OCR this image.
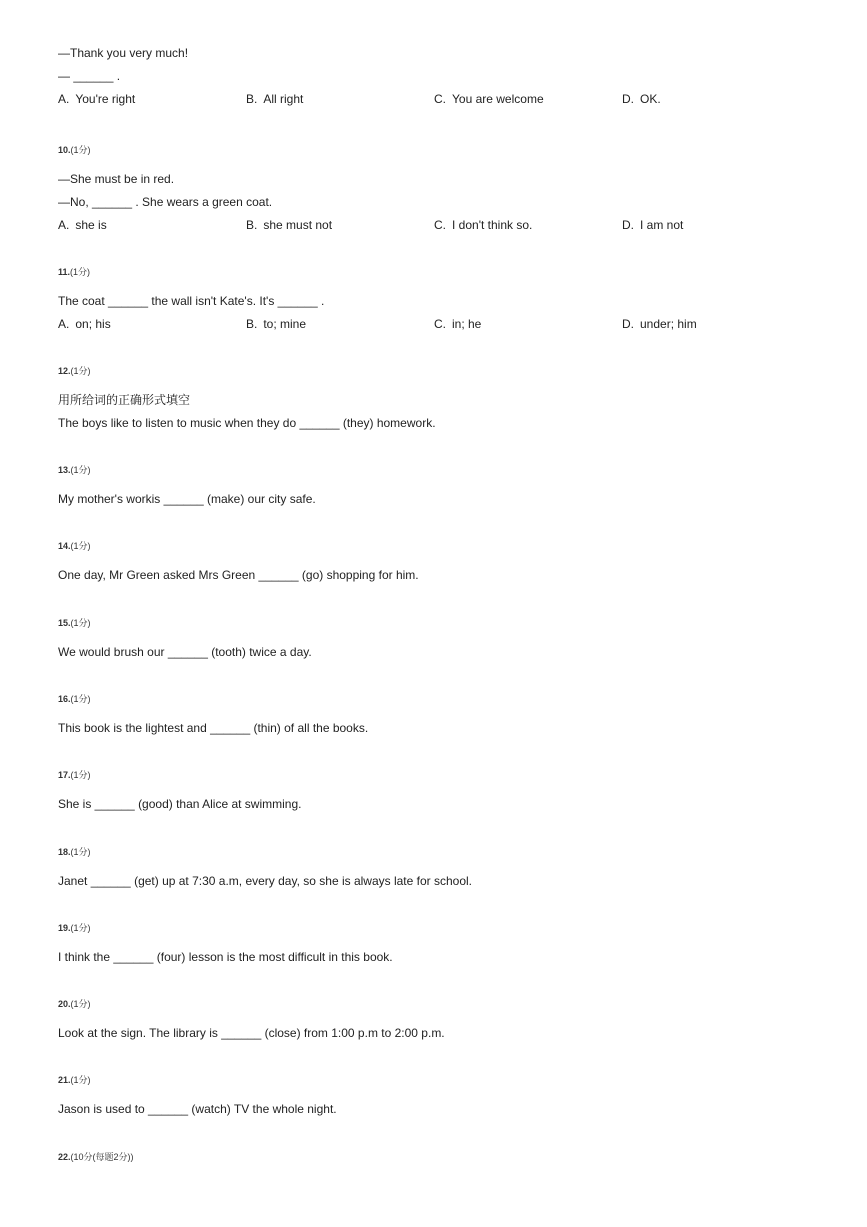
—Thank you very much!
— ______ .
A. You're right	B. All right	C. You are welcome	D. OK.
10.(1分)
—She must be in red.
—No, ______ . She wears a green coat.
A. she is	B. she must not	C. I don't think so.	D. I am not
11.(1分)
The coat ______ the wall isn't Kate's. It's ______ .
A. on; his	B. to; mine	C. in; he	D. under; him
12.(1分)
用所给词的正确形式填空
The boys like to listen to music when they do ______ (they) homework.
13.(1分)
My mother's workis ______ (make) our city safe.
14.(1分)
One day, Mr Green asked Mrs Green ______ (go) shopping for him.
15.(1分)
We would brush our ______ (tooth) twice a day.
16.(1分)
This book is the lightest and ______ (thin) of all the books.
17.(1分)
She is ______ (good) than Alice at swimming.
18.(1分)
Janet ______ (get) up at 7:30 a.m, every day, so she is always late for school.
19.(1分)
I think the ______ (four) lesson is the most difficult in this book.
20.(1分)
Look at the sign. The library is ______ (close) from 1:00 p.m to 2:00 p.m.
21.(1分)
Jason is used to ______ (watch) TV the whole night.
22.(10分(每题2分))
